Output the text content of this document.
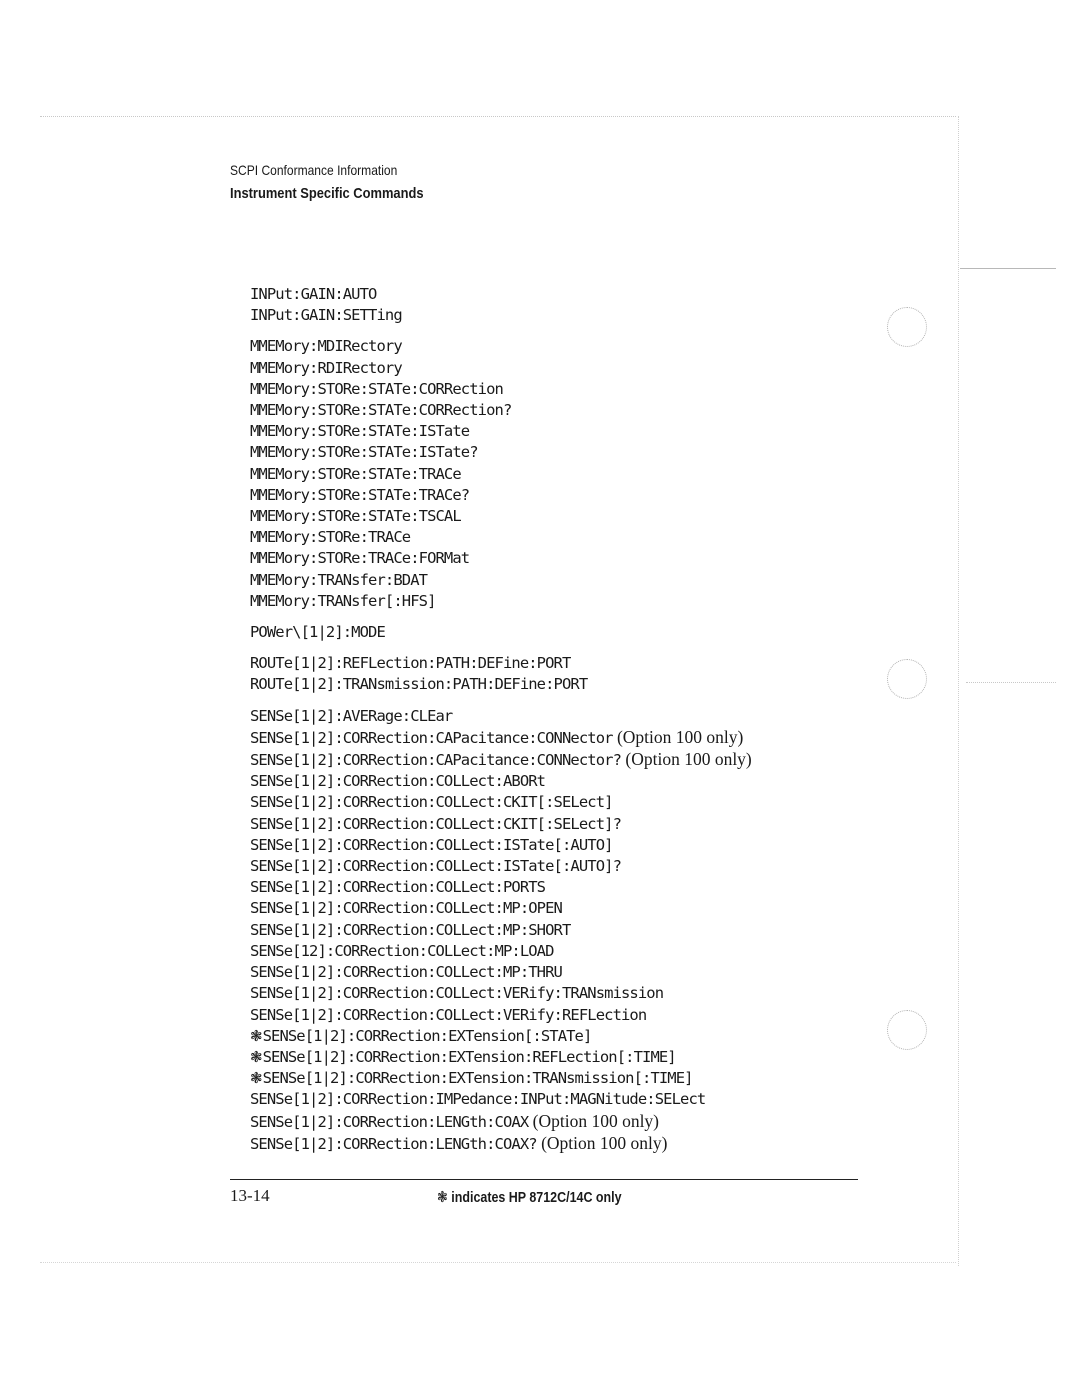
SCPI Conformance Information
Instrument Specific Commands
INPut:GAIN:AUTO
INPut:GAIN:SETTing
MMEMory:MDIRectory
MMEMory:RDIRectory
MMEMory:STORe:STATe:CORRection
MMEMory:STORe:STATe:CORRection?
MMEMory:STORe:STATe:ISTate
MMEMory:STORe:STATe:ISTate?
MMEMory:STORe:STATe:TRACe
MMEMory:STORe:STATe:TRACe?
MMEMory:STORe:STATe:TSCAL
MMEMory:STORe:TRACe
MMEMory:STORe:TRACe:FORMat
MMEMory:TRANsfer:BDAT
MMEMory:TRANsfer[:HFS]
POWer\[1|2]:MODE
ROUTe[1|2]:REFLection:PATH:DEFine:PORT
ROUTe[1|2]:TRANsmission:PATH:DEFine:PORT
SENSe[1|2]:AVERage:CLEar
SENSe[1|2]:CORRection:CAPacitance:CONNector (Option 100 only)
SENSe[1|2]:CORRection:CAPacitance:CONNector? (Option 100 only)
SENSe[1|2]:CORRection:COLLect:ABORt
SENSe[1|2]:CORRection:COLLect:CKIT[:SELect]
SENSe[1|2]:CORRection:COLLect:CKIT[:SELect]?
SENSe[1|2]:CORRection:COLLect:ISTate[:AUTO]
SENSe[1|2]:CORRection:COLLect:ISTate[:AUTO]?
SENSe[1|2]:CORRection:COLLect:PORTS
SENSe[1|2]:CORRection:COLLect:MP:OPEN
SENSe[1|2]:CORRection:COLLect:MP:SHORT
SENSe[12]:CORRection:COLLect:MP:LOAD
SENSe[1|2]:CORRection:COLLect:MP:THRU
SENSe[1|2]:CORRection:COLLect:VERify:TRANsmission
SENSe[1|2]:CORRection:COLLect:VERify:REFLection
❃SENSe[1|2]:CORRection:EXTension[:STATe]
❃SENSe[1|2]:CORRection:EXTension:REFLection[:TIME]
❃SENSe[1|2]:CORRection:EXTension:TRANsmission[:TIME]
SENSe[1|2]:CORRection:IMPedance:INPut:MAGNitude:SELect
SENSe[1|2]:CORRection:LENGth:COAX (Option 100 only)
SENSe[1|2]:CORRection:LENGth:COAX? (Option 100 only)
13-14	❃ indicates HP 8712C/14C only
